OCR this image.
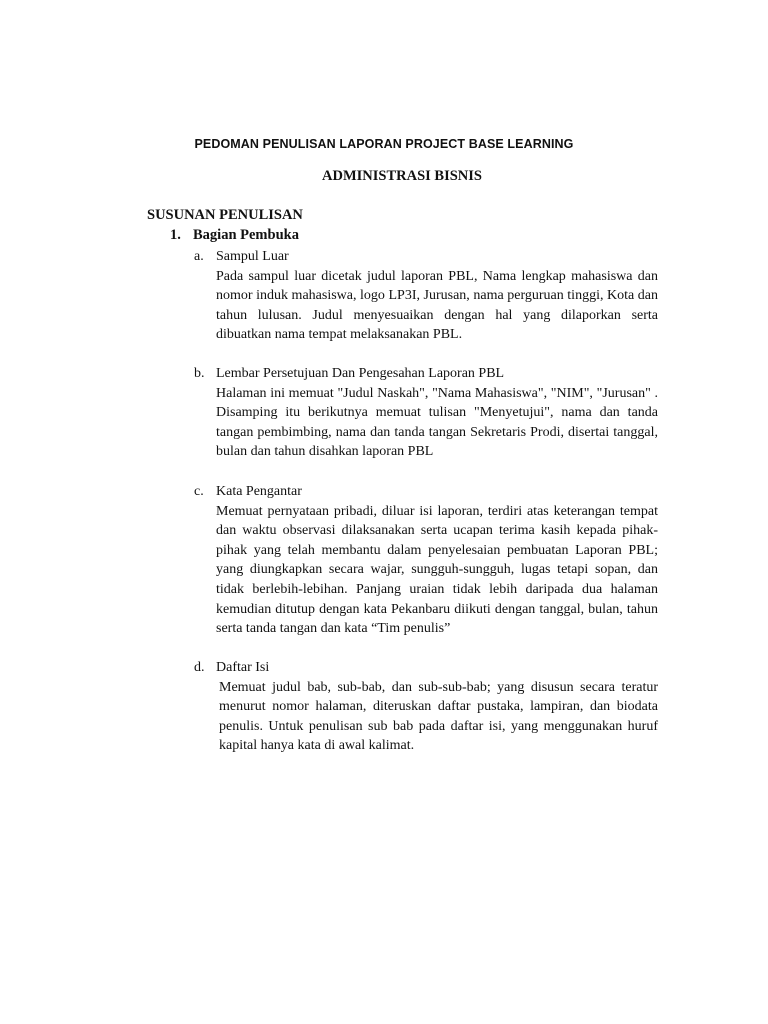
PEDOMAN PENULISAN LAPORAN PROJECT BASE LEARNING
ADMINISTRASI BISNIS
SUSUNAN PENULISAN
1. Bagian Pembuka
a. Sampul Luar
Pada sampul luar dicetak judul laporan PBL, Nama lengkap mahasiswa dan nomor induk mahasiswa, logo LP3I, Jurusan, nama perguruan tinggi, Kota dan tahun lulusan. Judul menyesuaikan dengan hal yang dilaporkan serta dibuatkan nama tempat melaksanakan PBL.
b. Lembar Persetujuan Dan Pengesahan Laporan PBL
Halaman ini memuat "Judul Naskah", "Nama Mahasiswa", "NIM", "Jurusan" . Disamping itu berikutnya memuat tulisan "Menyetujui", nama dan tanda tangan pembimbing, nama dan tanda tangan Sekretaris Prodi, disertai tanggal, bulan dan tahun disahkan laporan PBL
c. Kata Pengantar
Memuat pernyataan pribadi, diluar isi laporan, terdiri atas keterangan tempat dan waktu observasi dilaksanakan serta ucapan terima kasih kepada pihak-pihak yang telah membantu dalam penyelesaian pembuatan Laporan PBL; yang diungkapkan secara wajar, sungguh-sungguh, lugas tetapi sopan, dan tidak berlebih-lebihan. Panjang uraian tidak lebih daripada dua halaman kemudian ditutup dengan kata Pekanbaru diikuti dengan tanggal, bulan, tahun serta tanda tangan dan kata “Tim penulis”
d. Daftar Isi
Memuat judul bab, sub-bab, dan sub-sub-bab; yang disusun secara teratur menurut nomor halaman, diteruskan daftar pustaka, lampiran, dan biodata penulis. Untuk penulisan sub bab pada daftar isi, yang menggunakan huruf kapital hanya kata di awal kalimat.
